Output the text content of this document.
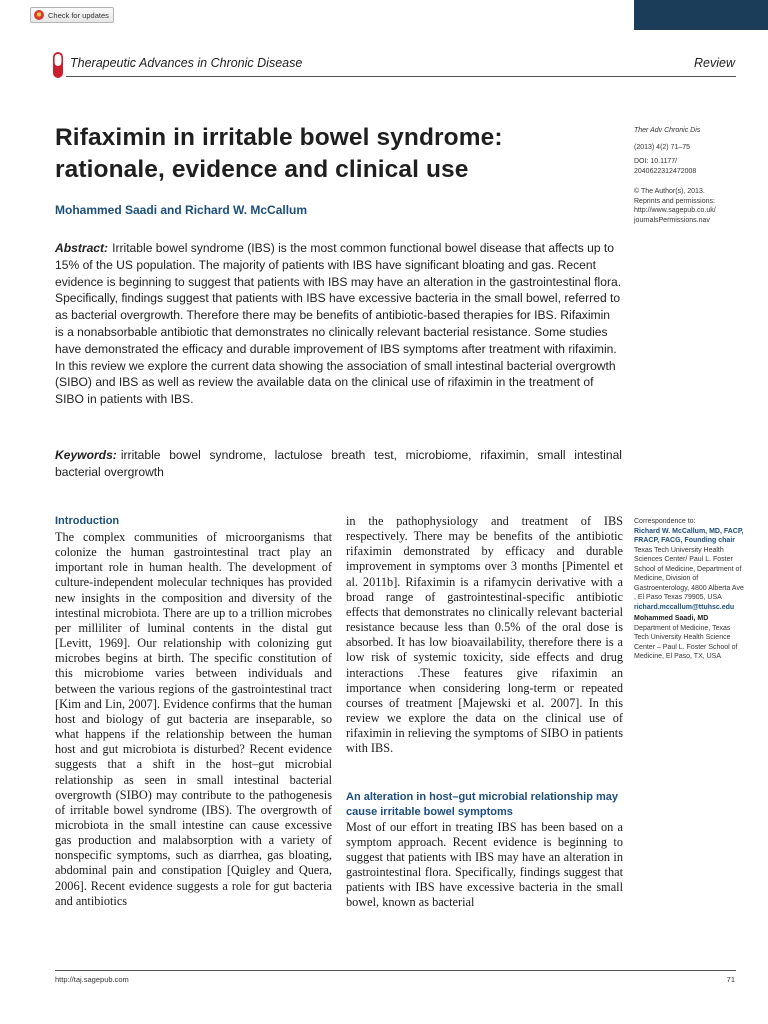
Check for updates
Therapeutic Advances in Chronic Disease	Review
Rifaximin in irritable bowel syndrome:
rationale, evidence and clinical use
Mohammed Saadi and Richard W. McCallum
Abstract: Irritable bowel syndrome (IBS) is the most common functional bowel disease that affects up to 15% of the US population. The majority of patients with IBS have significant bloating and gas. Recent evidence is beginning to suggest that patients with IBS may have an alteration in the gastrointestinal flora. Specifically, findings suggest that patients with IBS have excessive bacteria in the small bowel, referred to as bacterial overgrowth. Therefore there may be benefits of antibiotic-based therapies for IBS. Rifaximin is a nonabsorbable antibiotic that demonstrates no clinically relevant bacterial resistance. Some studies have demonstrated the efficacy and durable improvement of IBS symptoms after treatment with rifaximin. In this review we explore the current data showing the association of small intestinal bacterial overgrowth (SIBO) and IBS as well as review the available data on the clinical use of rifaximin in the treatment of SIBO in patients with IBS.
Keywords: irritable bowel syndrome, lactulose breath test, microbiome, rifaximin, small intestinal bacterial overgrowth
Ther Adv Chronic Dis
(2013) 4(2) 71–75
DOI: 10.1177/
2040622312472008
© The Author(s), 2013.
Reprints and permissions:
http://www.sagepub.co.uk/
journalsPermissions.nav
Introduction

The complex communities of microorganisms that colonize the human gastrointestinal tract play an important role in human health. The development of culture-independent molecular techniques has provided new insights in the composition and diversity of the intestinal microbiota. There are up to a trillion microbes per milliliter of luminal contents in the distal gut [Levitt, 1969]. Our relationship with colonizing gut microbes begins at birth. The specific constitution of this microbiome varies between individuals and between the various regions of the gastrointestinal tract [Kim and Lin, 2007]. Evidence confirms that the human host and biology of gut bacteria are inseparable, so what happens if the relationship between the human host and gut microbiota is disturbed? Recent evidence suggests that a shift in the host–gut microbial relationship as seen in small intestinal bacterial overgrowth (SIBO) may contribute to the pathogenesis of irritable bowel syndrome (IBS). The overgrowth of microbiota in the small intestine can cause excessive gas production and malabsorption with a variety of nonspecific symptoms, such as diarrhea, gas bloating, abdominal pain and constipation [Quigley and Quera, 2006]. Recent evidence suggests a role for gut bacteria and antibiotics

in the pathophysiology and treatment of IBS respectively. There may be benefits of the antibiotic rifaximin demonstrated by efficacy and durable improvement in symptoms over 3 months [Pimentel et al. 2011b]. Rifaximin is a rifamycin derivative with a broad range of gastrointestinal-specific antibiotic effects that demonstrates no clinically relevant bacterial resistance because less than 0.5% of the oral dose is absorbed. It has low bioavailability, therefore there is a low risk of systemic toxicity, side effects and drug interactions .These features give rifaximin an importance when considering long-term or repeated courses of treatment [Majewski et al. 2007]. In this review we explore the data on the clinical use of rifaximin in relieving the symptoms of SIBO in patients with IBS.

An alteration in host–gut microbial relationship may cause irritable bowel symptoms

Most of our effort in treating IBS has been based on a symptom approach. Recent evidence is beginning to suggest that patients with IBS may have an alteration in gastrointestinal flora. Specifically, findings suggest that patients with IBS have excessive bacteria in the small bowel, known as bacterial

Correspondence to:
Richard W. McCallum, MD, FACP, FRACP, FACG, Founding chair
Texas Tech University Health Sciences Center/ Paul L. Foster School of Medicine, Department of Medicine, Division of Gastroenterology, 4800 Alberta Ave , El Paso Texas 79905, USA
richard.mccallum@ttuhsc.edu
Mohammed Saadi, MD
Department of Medicine, Texas Tech University Health Science Center – Paul L. Foster School of Medicine, El Paso, TX, USA
http://taj.sagepub.com	71
